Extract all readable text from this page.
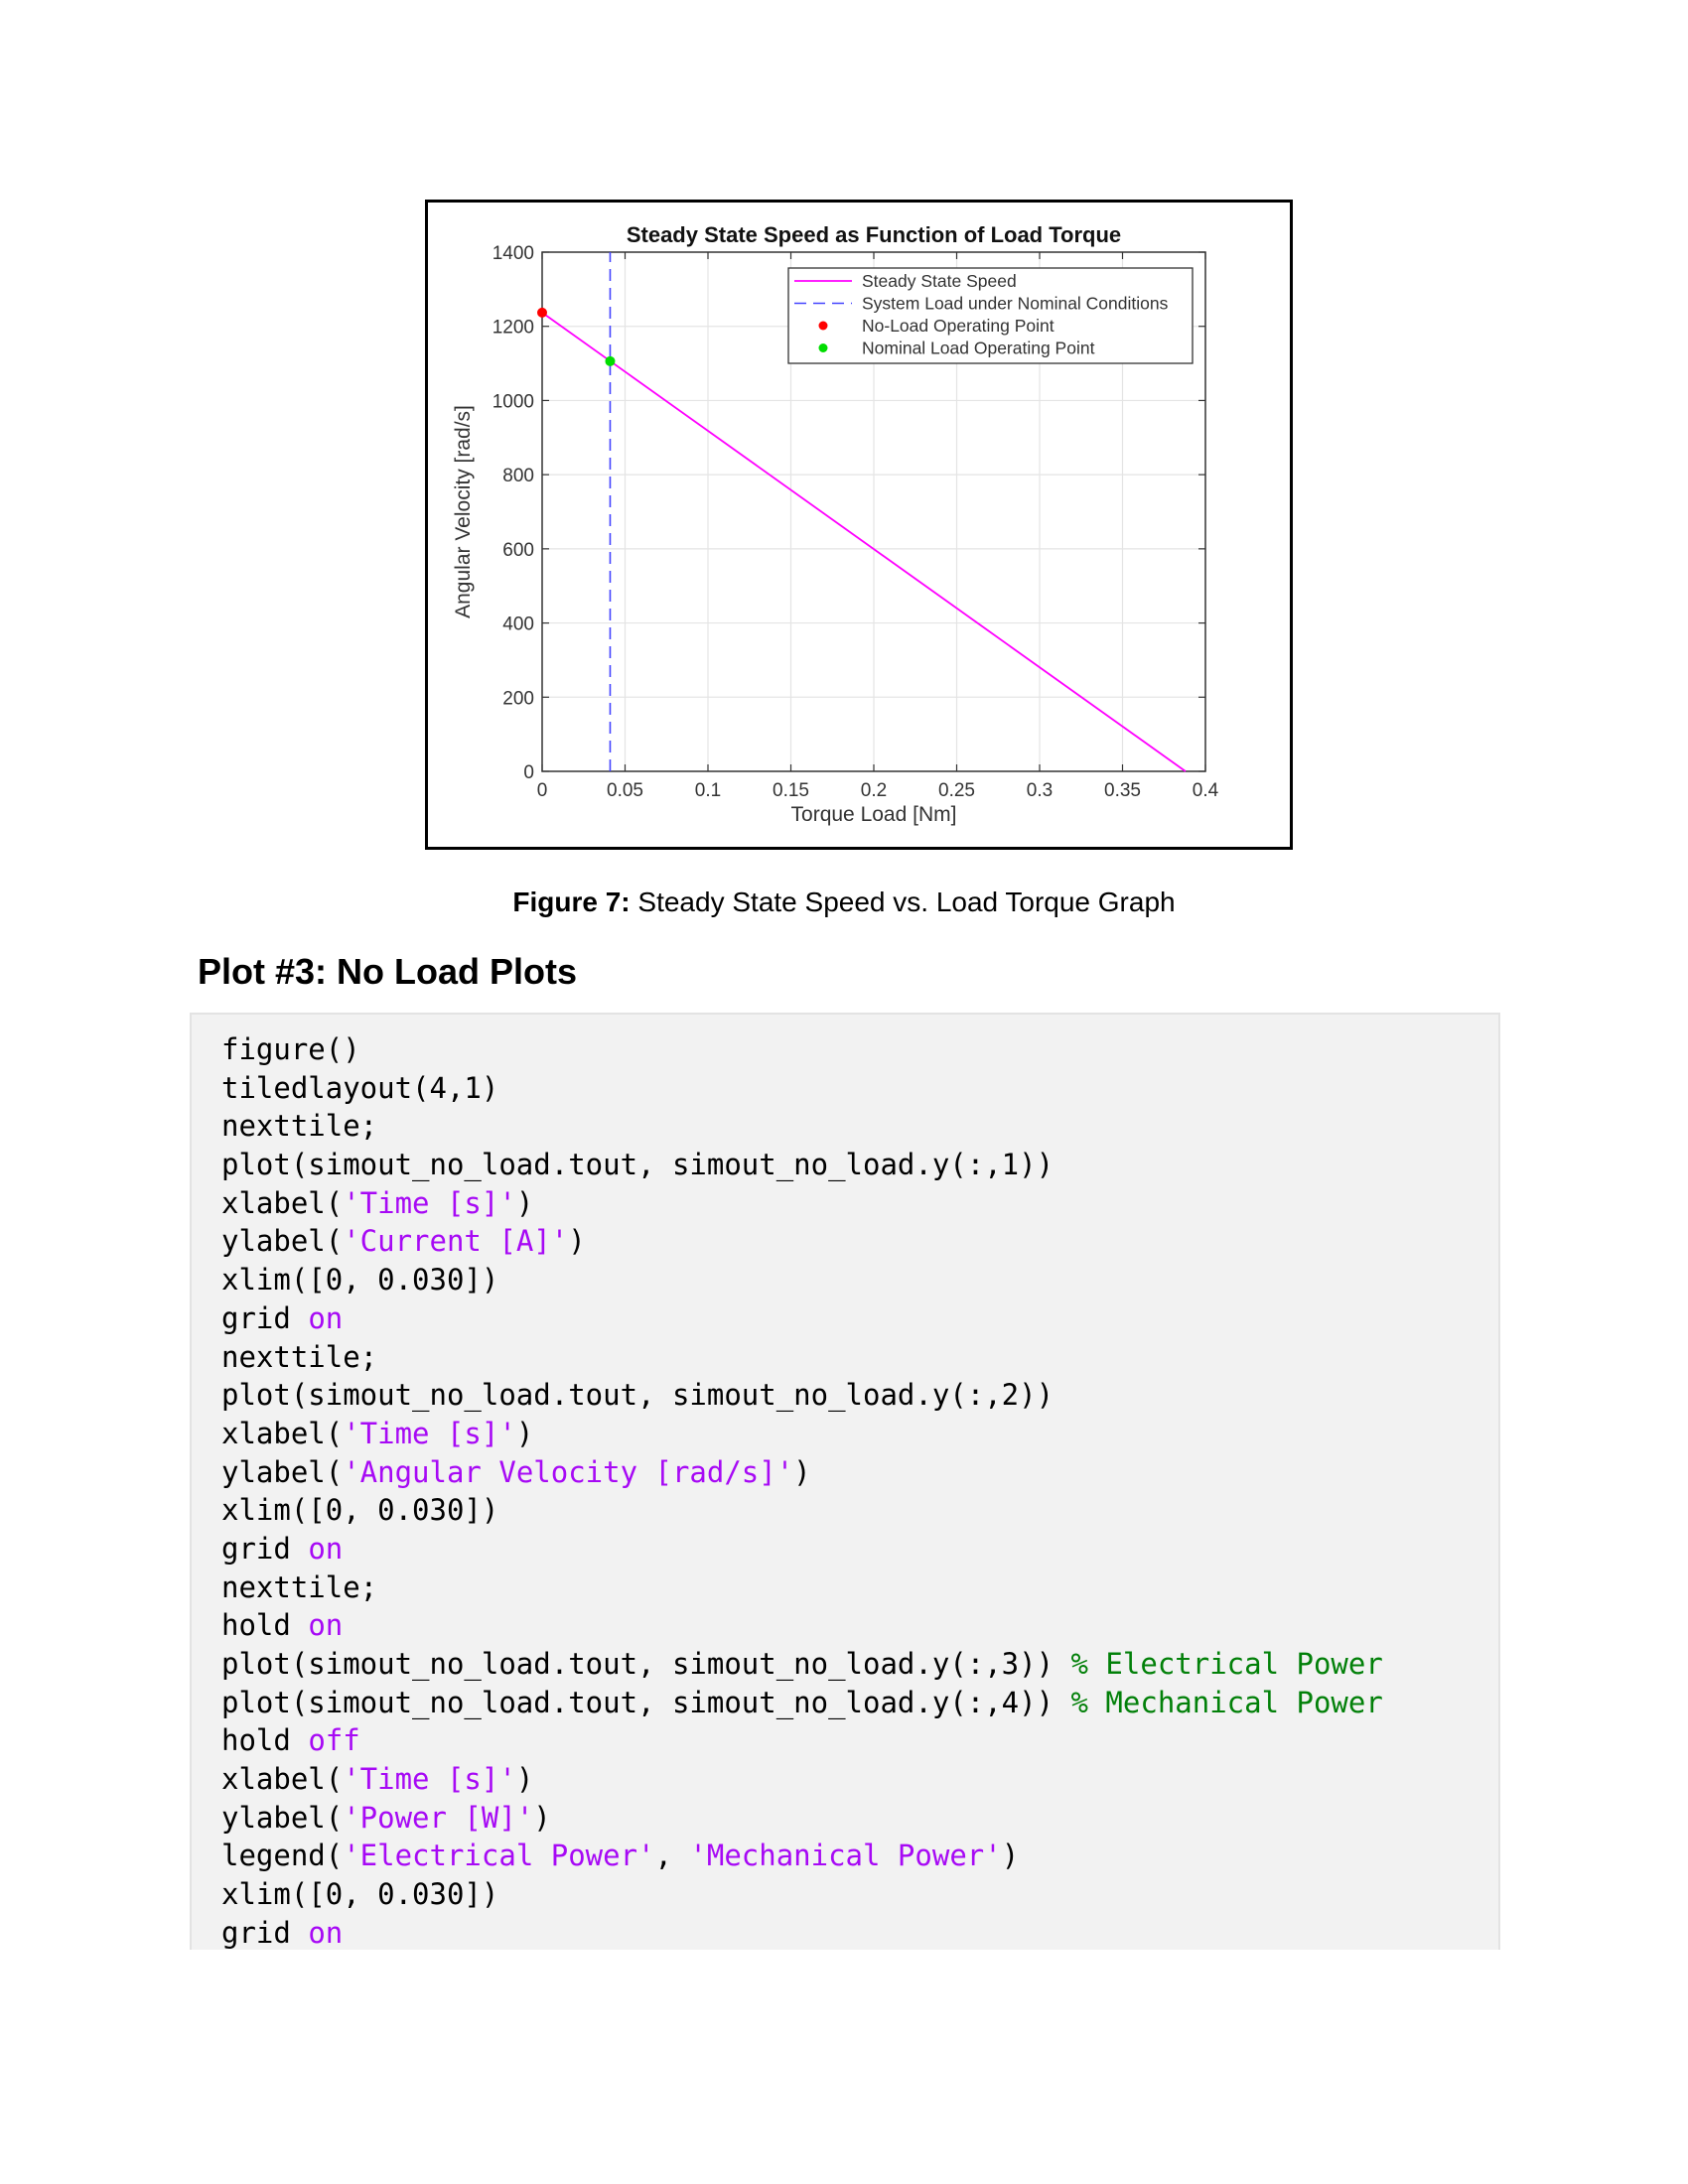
0	0.05	0.1	0.15	0.2	0.25	0.3	0.35	0.4
0
200
400
600
800
1000
1200
1400
Steady State Speed as Function of Load Torque
Torque Load [Nm]
Angular Velocity [rad/s]
Steady State Speed
System Load under Nominal Conditions
No-Load Operating Point
Nominal Load Operating Point
Figure 7: Steady State Speed vs. Load Torque Graph
Plot #3: No Load Plots
figure()
tiledlayout(4,1)
nexttile;
plot(simout_no_load.tout, simout_no_load.y(:,1))
xlabel('Time [s]')
ylabel('Current [A]')
xlim([0, 0.030])
grid on
nexttile;
plot(simout_no_load.tout, simout_no_load.y(:,2))
xlabel('Time [s]')
ylabel('Angular Velocity [rad/s]')
xlim([0, 0.030])
grid on
nexttile;
hold on
plot(simout_no_load.tout, simout_no_load.y(:,3)) % Electrical Power
plot(simout_no_load.tout, simout_no_load.y(:,4)) % Mechanical Power
hold off
xlabel('Time [s]')
ylabel('Power [W]')
legend('Electrical Power', 'Mechanical Power')
xlim([0, 0.030])
grid on
